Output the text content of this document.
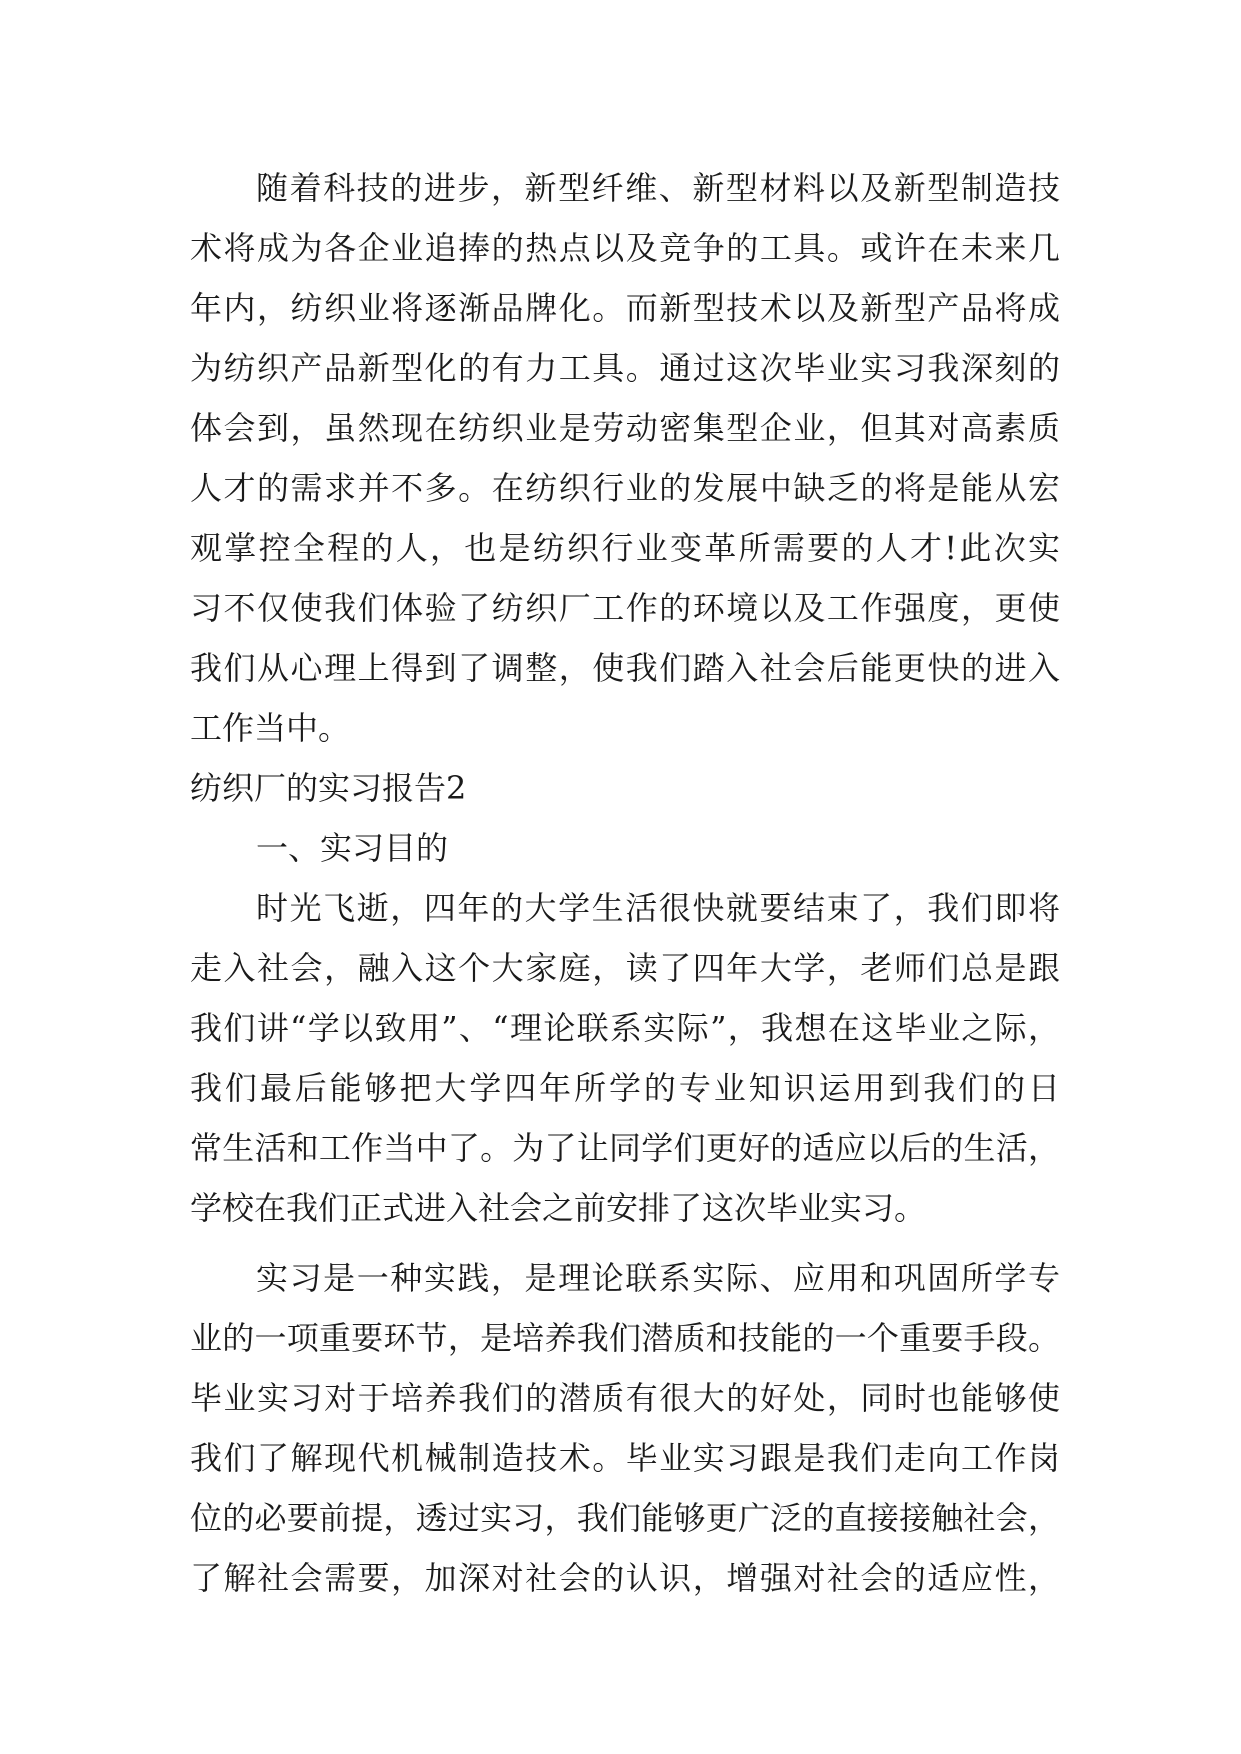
随着科技的进步，新型纤维、新型材料以及新型制造技
术将成为各企业追捧的热点以及竞争的工具。或许在未来几
年内，纺织业将逐渐品牌化。而新型技术以及新型产品将成
为纺织产品新型化的有力工具。通过这次毕业实习我深刻的
体会到，虽然现在纺织业是劳动密集型企业，但其对高素质
人才的需求并不多。在纺织行业的发展中缺乏的将是能从宏
观掌控全程的人，也是纺织行业变革所需要的人才!此次实
习不仅使我们体验了纺织厂工作的环境以及工作强度，更使
我们从心理上得到了调整，使我们踏入社会后能更快的进入
工作当中。
纺织厂的实习报告2
一、实习目的
时光飞逝，四年的大学生活很快就要结束了，我们即将
走入社会，融入这个大家庭，读了四年大学，老师们总是跟
我们讲“学以致用”、“理论联系实际”，我想在这毕业之际，
我们最后能够把大学四年所学的专业知识运用到我们的日
常生活和工作当中了。为了让同学们更好的适应以后的生活，
学校在我们正式进入社会之前安排了这次毕业实习。
实习是一种实践，是理论联系实际、应用和巩固所学专
业的一项重要环节，是培养我们潜质和技能的一个重要手段。
毕业实习对于培养我们的潜质有很大的好处，同时也能够使
我们了解现代机械制造技术。毕业实习跟是我们走向工作岗
位的必要前提，透过实习，我们能够更广泛的直接接触社会，
了解社会需要，加深对社会的认识，增强对社会的适应性，
